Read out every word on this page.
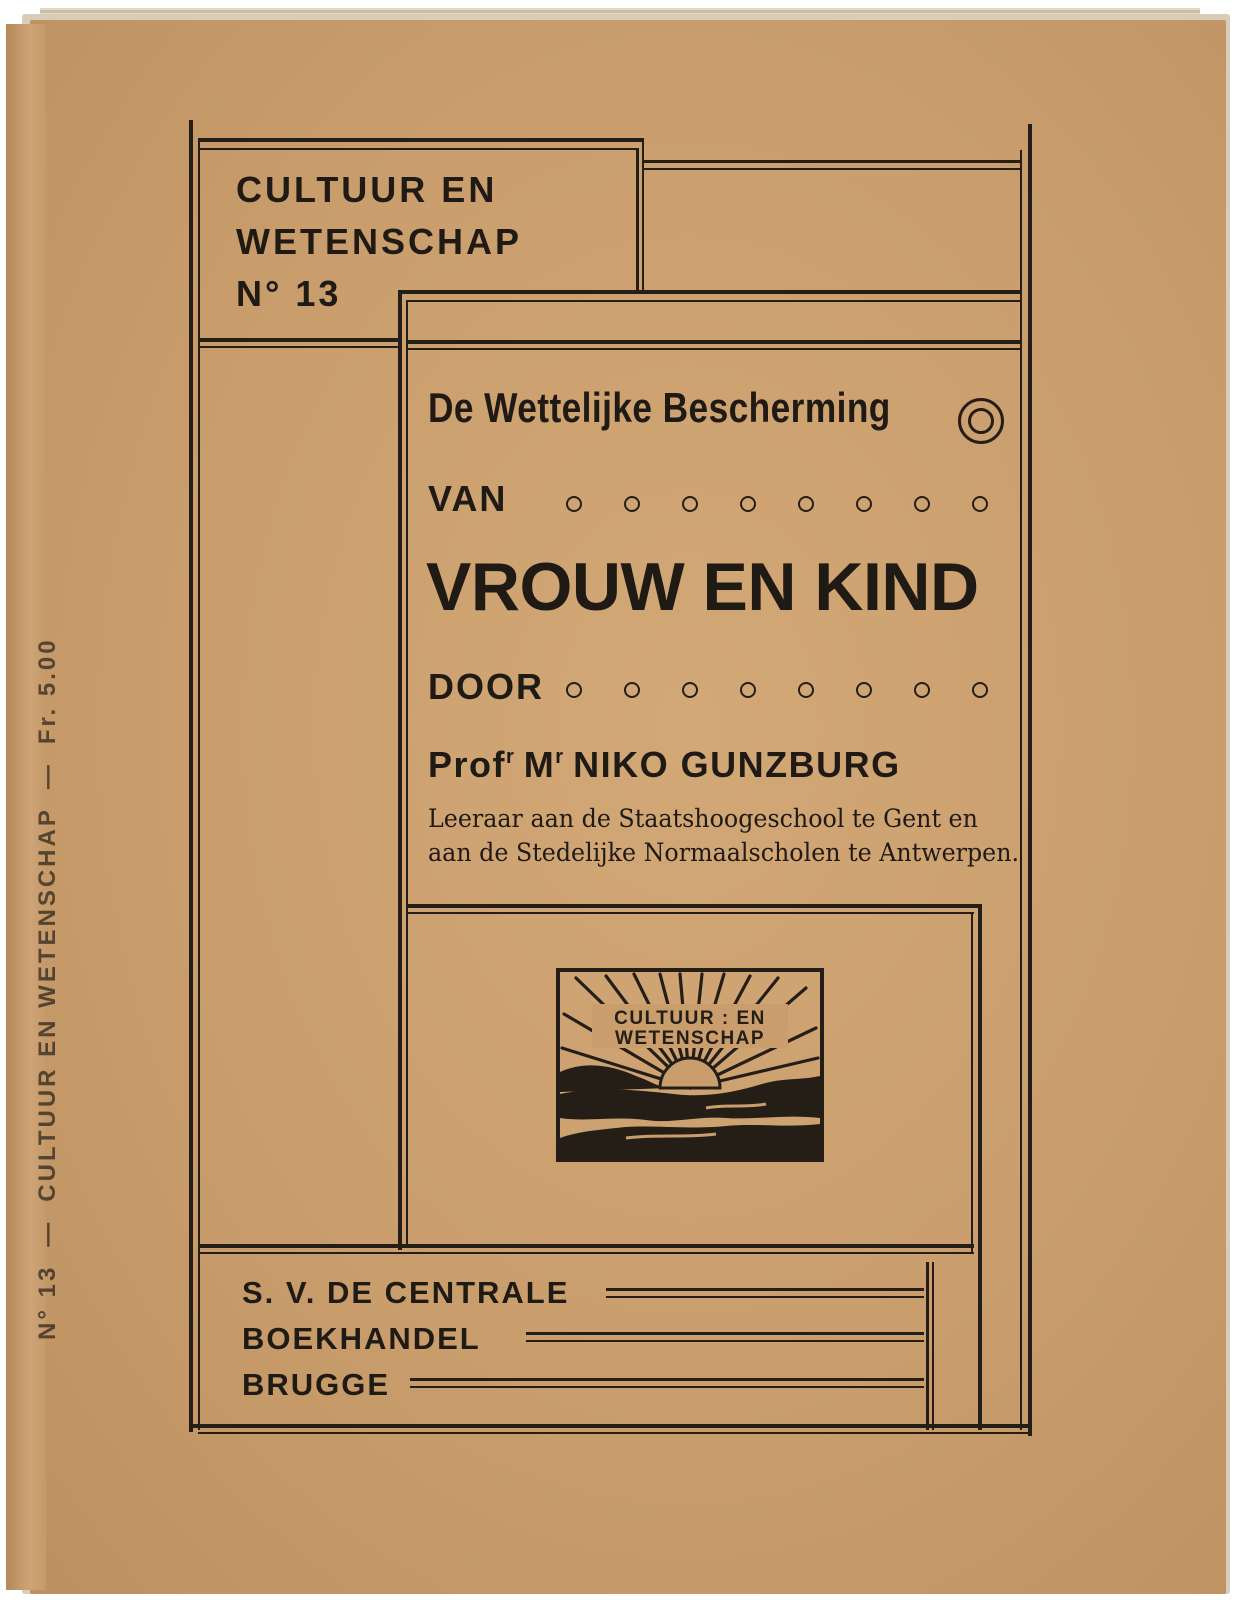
N° 13—CULTUUR EN WETENSCHAP—Fr. 5.00
CULTUUR EN
WETENSCHAP
N° 13
De Wettelijke Bescherming
VAN
VROUW EN KIND
DOOR
Prof$^r$ $M^r$ NIKO GUNZBURG
Leeraar aan de Staatshoogeschool te Gent en
aan de Stedelijke Normaalscholen te Antwerpen.
CULTUUR : EN
WETENSCHAP
S. V. DE CENTRALE
BOEKHANDEL
BRUGGE
